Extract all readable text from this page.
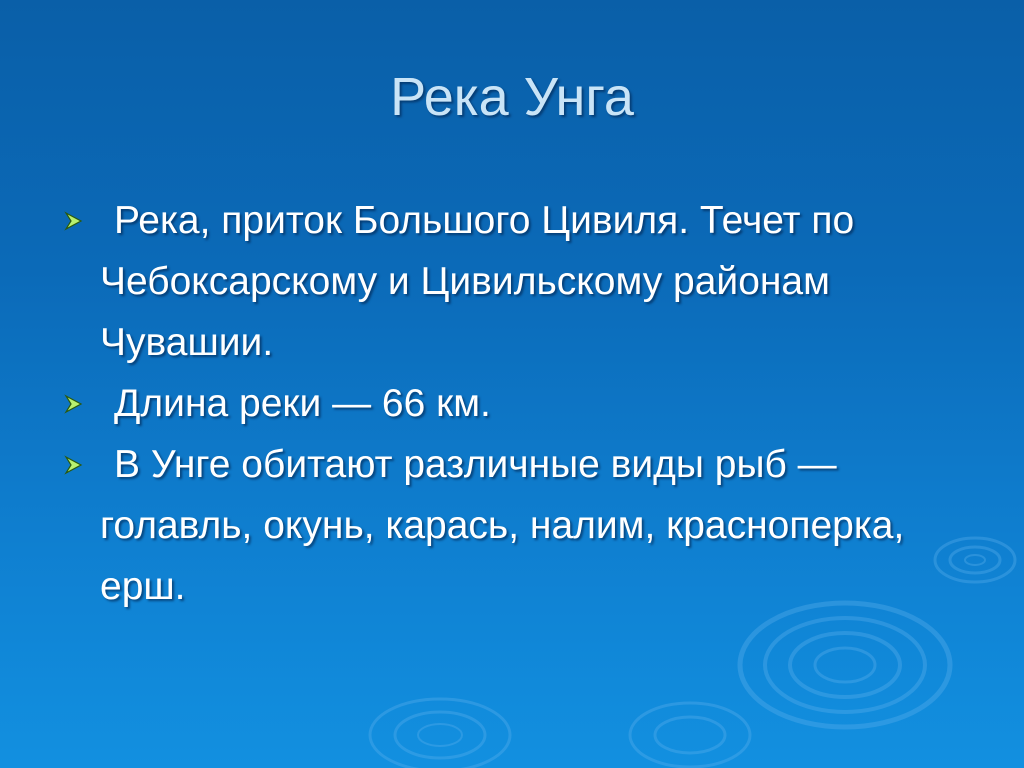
Река Унга
Река, приток Большого Цивиля. Течет по Чебоксарскому и Цивильскому районам Чувашии.
Длина реки — 66 км.
В Унге обитают различные виды рыб — голавль, окунь, карась, налим, красноперка, ерш.
